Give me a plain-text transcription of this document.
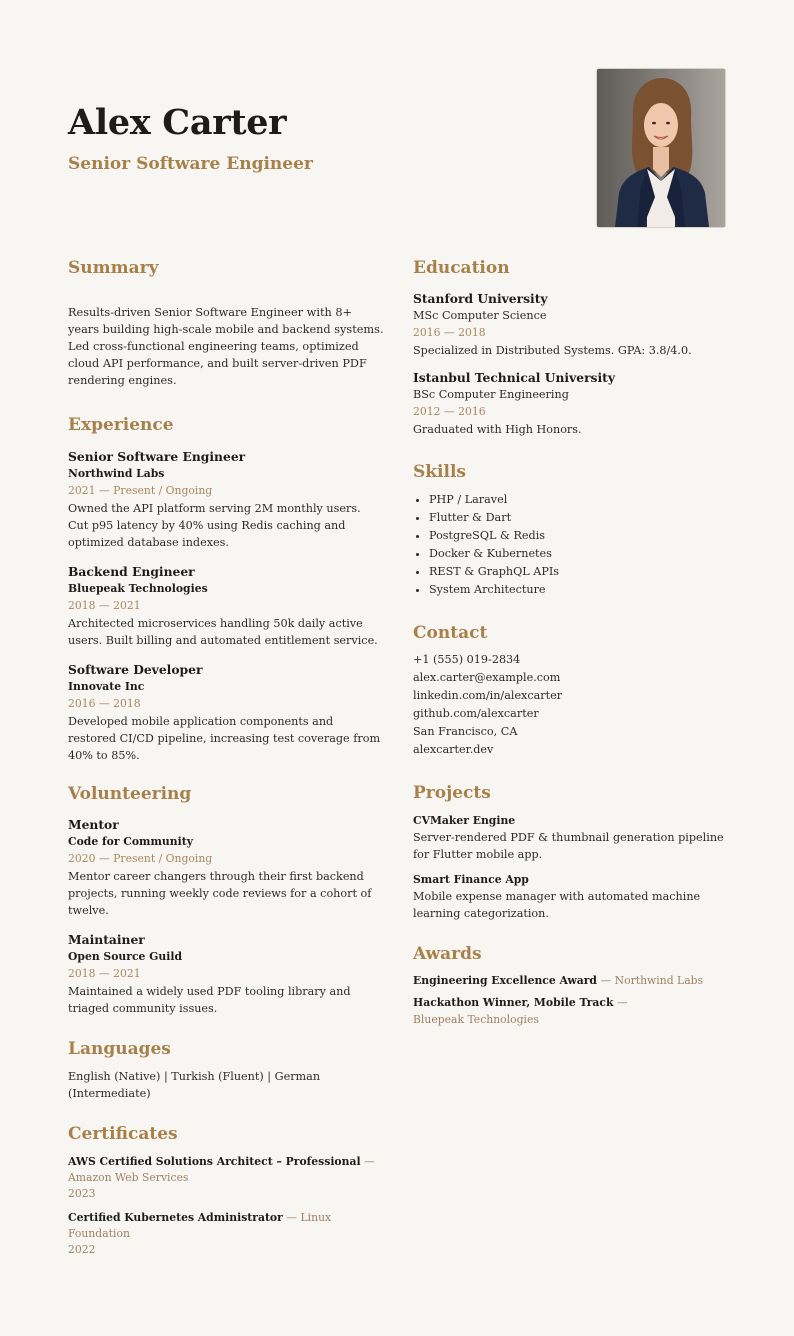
Alex Carter
Senior Software Engineer
Summary

Results-driven Senior Software Engineer with 8+ years building high-scale mobile and backend systems. Led cross-functional engineering teams, optimized cloud API performance, and built server-driven PDF rendering engines.

Experience
Senior Software Engineer
Northwind Labs
2021 — Present / Ongoing
Owned the API platform serving 2M monthly users.
Cut p95 latency by 40% using Redis caching and optimized database indexes.
Backend Engineer
Bluepeak Technologies
2018 — 2021
Architected microservices handling 50k daily active users. Built billing and automated entitlement service.
Software Developer
Innovate Inc
2016 — 2018
Developed mobile application components and restored CI/CD pipeline, increasing test coverage from 40% to 85%.
Volunteering
Mentor
Code for Community
2020 — Present / Ongoing
Mentor career changers through their first backend projects, running weekly code reviews for a cohort of twelve.
Maintainer
Open Source Guild
2018 — 2021
Maintained a widely used PDF tooling library and triaged community issues.
Languages
English (Native) | Turkish (Fluent) | German (Intermediate)
Certificates
AWS Certified Solutions Architect – Professional —
Amazon Web Services
2023
Certified Kubernetes Administrator — Linux Foundation
2022
Education
Stanford University
MSc Computer Science
2016 — 2018
Specialized in Distributed Systems. GPA: 3.8/4.0.
Istanbul Technical University
BSc Computer Engineering
2012 — 2016
Graduated with High Honors.
Skills
• PHP / Laravel
• Flutter & Dart
• PostgreSQL & Redis
• Docker & Kubernetes
• REST & GraphQL APIs
• System Architecture
Contact
+1 (555) 019-2834
alex.carter@example.com
linkedin.com/in/alexcarter
github.com/alexcarter
San Francisco, CA
alexcarter.dev
Projects
CVMaker Engine
Server-rendered PDF & thumbnail generation pipeline for Flutter mobile app.
Smart Finance App
Mobile expense manager with automated machine learning categorization.
Awards
Engineering Excellence Award — Northwind Labs
Hackathon Winner, Mobile Track — Bluepeak Technologies
